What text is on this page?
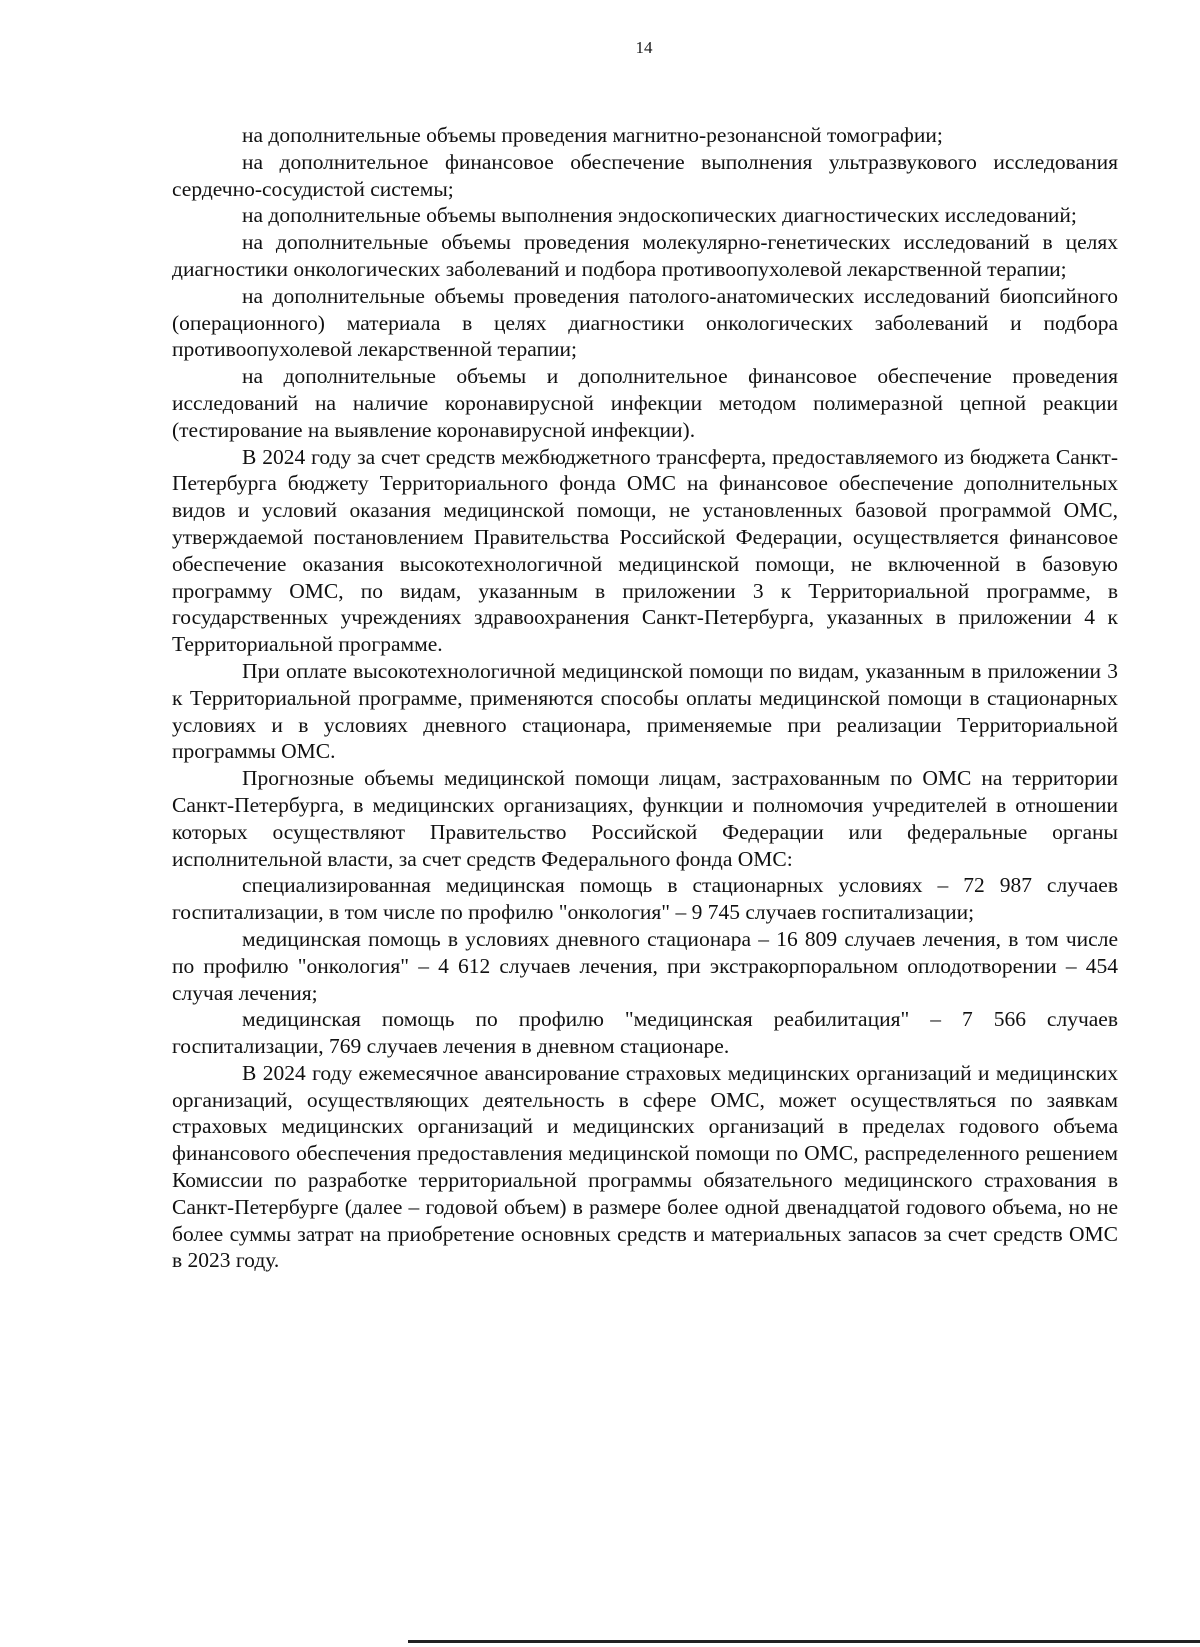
14

на дополнительные объемы проведения магнитно-резонансной томографии;

на дополнительное финансовое обеспечение выполнения ультразвукового исследования сердечно-сосудистой системы;

на дополнительные объемы выполнения эндоскопических диагностических исследований;

на дополнительные объемы проведения молекулярно-генетических исследований в целях диагностики онкологических заболеваний и подбора противоопухолевой лекарственной терапии;

на дополнительные объемы проведения патолого-анатомических исследований биопсийного (операционного) материала в целях диагностики онкологических заболеваний и подбора противоопухолевой лекарственной терапии;

на дополнительные объемы и дополнительное финансовое обеспечение проведения исследований на наличие коронавирусной инфекции методом полимеразной цепной реакции (тестирование на выявление коронавирусной инфекции).

В 2024 году за счет средств межбюджетного трансферта, предоставляемого из бюджета Санкт-Петербурга бюджету Территориального фонда ОМС на финансовое обеспечение дополнительных видов и условий оказания медицинской помощи, не установленных базовой программой ОМС, утверждаемой постановлением Правительства Российской Федерации, осуществляется финансовое обеспечение оказания высокотехнологичной медицинской помощи, не включенной в базовую программу ОМС, по видам, указанным в приложении 3 к Территориальной программе, в государственных учреждениях здравоохранения Санкт-Петербурга, указанных в приложении 4 к Территориальной программе.

При оплате высокотехнологичной медицинской помощи по видам, указанным в приложении 3 к Территориальной программе, применяются способы оплаты медицинской помощи в стационарных условиях и в условиях дневного стационара, применяемые при реализации Территориальной программы ОМС.

Прогнозные объемы медицинской помощи лицам, застрахованным по ОМС на территории Санкт-Петербурга, в медицинских организациях, функции и полномочия учредителей в отношении которых осуществляют Правительство Российской Федерации или федеральные органы исполнительной власти, за счет средств Федерального фонда ОМС:

специализированная медицинская помощь в стационарных условиях – 72 987 случаев госпитализации, в том числе по профилю "онкология" – 9 745 случаев госпитализации;

медицинская помощь в условиях дневного стационара – 16 809 случаев лечения, в том числе по профилю "онкология" – 4 612 случаев лечения, при экстракорпоральном оплодотворении – 454 случая лечения;

медицинская помощь по профилю "медицинская реабилитация" – 7 566 случаев госпитализации, 769 случаев лечения в дневном стационаре.

В 2024 году ежемесячное авансирование страховых медицинских организаций и медицинских организаций, осуществляющих деятельность в сфере ОМС, может осуществляться по заявкам страховых медицинских организаций и медицинских организаций в пределах годового объема финансового обеспечения предоставления медицинской помощи по ОМС, распределенного решением Комиссии по разработке территориальной программы обязательного медицинского страхования в Санкт-Петербурге (далее – годовой объем) в размере более одной двенадцатой годового объема, но не более суммы затрат на приобретение основных средств и материальных запасов за счет средств ОМС в 2023 году.
